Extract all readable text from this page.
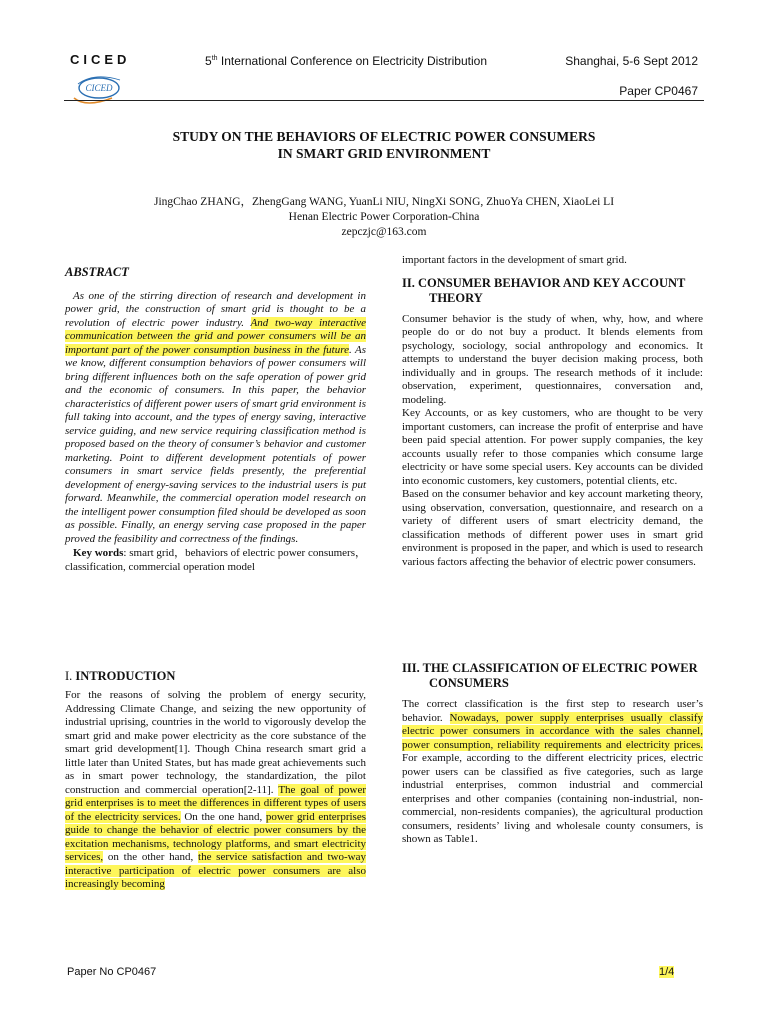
CICED

CICED

5th International Conference on Electricity Distribution	Shanghai, 5-6 Sept 2012

Paper CP0467

STUDY ON THE BEHAVIORS OF ELECTRIC POWER CONSUMERS
IN SMART GRID ENVIRONMENT
JingChao ZHANG，ZhengGang WANG, YuanLi NIU, NingXi SONG, ZhuoYa CHEN, XiaoLei LI
Henan Electric Power Corporation-China
zepczjc@163.com

ABSTRACT

As one of the stirring direction of research and development in power grid, the construction of smart grid is thought to be a revolution of electric power industry. And two-way interactive communication between the grid and power consumers will be an important part of the power consumption business in the future. As we know, different consumption behaviors of power consumers will bring different influences both on the safe operation of power grid and the economic of consumers. In this paper, the behavior characteristics of different power users of smart grid environment is full taking into account, and the types of energy saving, interactive service guiding, and new service requiring classification method is proposed based on the theory of consumer’s behavior and customer marketing. Point to different development potentials of power consumers in smart service fields presently, the preferential development of energy-saving services to the industrial users is put forward. Meanwhile, the commercial operation model research on the intelligent power consumption filed should be developed as soon as possible. Finally, an energy serving case proposed in the paper proved the feasibility and correctness of the findings.

Key words: smart grid，behaviors of electric power consumers，classification, commercial operation model

I. INTRODUCTION

For the reasons of solving the problem of energy security, Addressing Climate Change, and seizing the new opportunity of industrial uprising, countries in the world to vigorously develop the smart grid and make power electricity as the core substance of the smart grid development[1]. Though China research smart grid a little later than United States, but has made great achievements such as in smart power technology, the standardization, the pilot construction and commercial operation[2-11]. The goal of power grid enterprises is to meet the differences in different types of users of the electricity services. On the one hand, power grid enterprises guide to change the behavior of electric power consumers by the excitation mechanisms, technology platforms, and smart electricity services, on the other hand, the service satisfaction and two-way interactive participation of electric power consumers are also increasingly becoming

important factors in the development of smart grid.

II. CONSUMER BEHAVIOR AND KEY ACCOUNT THEORY

Consumer behavior is the study of when, why, how, and where people do or do not buy a product. It blends elements from psychology, sociology, social anthropology and economics. It attempts to understand the buyer decision making process, both individually and in groups. The research methods of it include: observation, experiment, questionnaires, conversation and, modeling.

Key Accounts, or as key customers, who are thought to be very important customers, can increase the profit of enterprise and have been paid special attention. For power supply companies, the key accounts usually refer to those companies which consume large electricity or have some special users. Key accounts can be divided into economic customers, key customers, potential clients, etc.

Based on the consumer behavior and key account marketing theory, using observation, conversation, questionnaire, and research on a variety of different users of smart electricity demand, the classification methods of different power uses in smart grid environment is proposed in the paper, and which is used to research various factors affecting the behavior of electric power consumers.

III. THE CLASSIFICATION OF ELECTRIC POWER CONSUMERS

The correct classification is the first step to research user’s behavior. Nowadays, power supply enterprises usually classify electric power consumers in accordance with the sales channel, power consumption, reliability requirements and electricity prices. For example, according to the different electricity prices, electric power users can be classified as five categories, such as large industrial enterprises, common industrial and commercial enterprises and other companies (containing non-industrial, non-commercial, non-residents companies), the agricultural production consumers, residents’ living and wholesale county consumers, is shown as Table1.

Paper No CP0467	1/4
